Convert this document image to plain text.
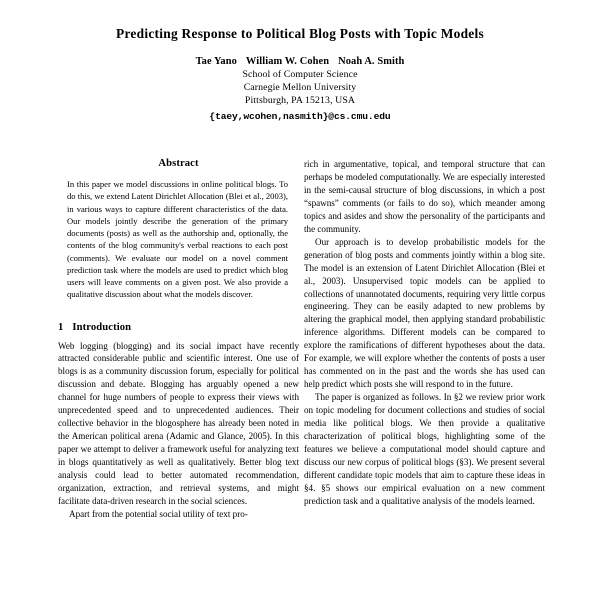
Predicting Response to Political Blog Posts with Topic Models
Tae Yano William W. Cohen Noah A. Smith
School of Computer Science
Carnegie Mellon University
Pittsburgh, PA 15213, USA
{taey,wcohen,nasmith}@cs.cmu.edu
Abstract
In this paper we model discussions in online political blogs. To do this, we extend Latent Dirichlet Allocation (Blei et al., 2003), in various ways to capture different characteristics of the data. Our models jointly describe the generation of the primary documents (posts) as well as the authorship and, optionally, the contents of the blog community's verbal reactions to each post (comments). We evaluate our model on a novel comment prediction task where the models are used to predict which blog users will leave comments on a given post. We also provide a qualitative discussion about what the models discover.
1 Introduction

Web logging (blogging) and its social impact have recently attracted considerable public and scientific interest. One use of blogs is as a community discussion forum, especially for political discussion and debate. Blogging has arguably opened a new channel for huge numbers of people to express their views with unprecedented speed and to unprecedented audiences. Their collective behavior in the blogosphere has already been noted in the American political arena (Adamic and Glance, 2005). In this paper we attempt to deliver a framework useful for analyzing text in blogs quantitatively as well as qualitatively. Better blog text analysis could lead to better automated recommendation, organization, extraction, and retrieval systems, and might facilitate data-driven research in the social sciences.

Apart from the potential social utility of text pro-

rich in argumentative, topical, and temporal structure that can perhaps be modeled computationally. We are especially interested in the semi-causal structure of blog discussions, in which a post “spawns” comments (or fails to do so), which meander among topics and asides and show the personality of the participants and the community.

Our approach is to develop probabilistic models for the generation of blog posts and comments jointly within a blog site. The model is an extension of Latent Dirichlet Allocation (Blei et al., 2003). Unsupervised topic models can be applied to collections of unannotated documents, requiring very little corpus engineering. They can be easily adapted to new problems by altering the graphical model, then applying standard probabilistic inference algorithms. Different models can be compared to explore the ramifications of different hypotheses about the data. For example, we will explore whether the contents of posts a user has commented on in the past and the words she has used can help predict which posts she will respond to in the future.

The paper is organized as follows. In §2 we review prior work on topic modeling for document collections and studies of social media like political blogs. We then provide a qualitative characterization of political blogs, highlighting some of the features we believe a computational model should capture and discuss our new corpus of political blogs (§3). We present several different candidate topic models that aim to capture these ideas in §4. §5 shows our empirical evaluation on a new comment prediction task and a qualitative analysis of the models learned.
